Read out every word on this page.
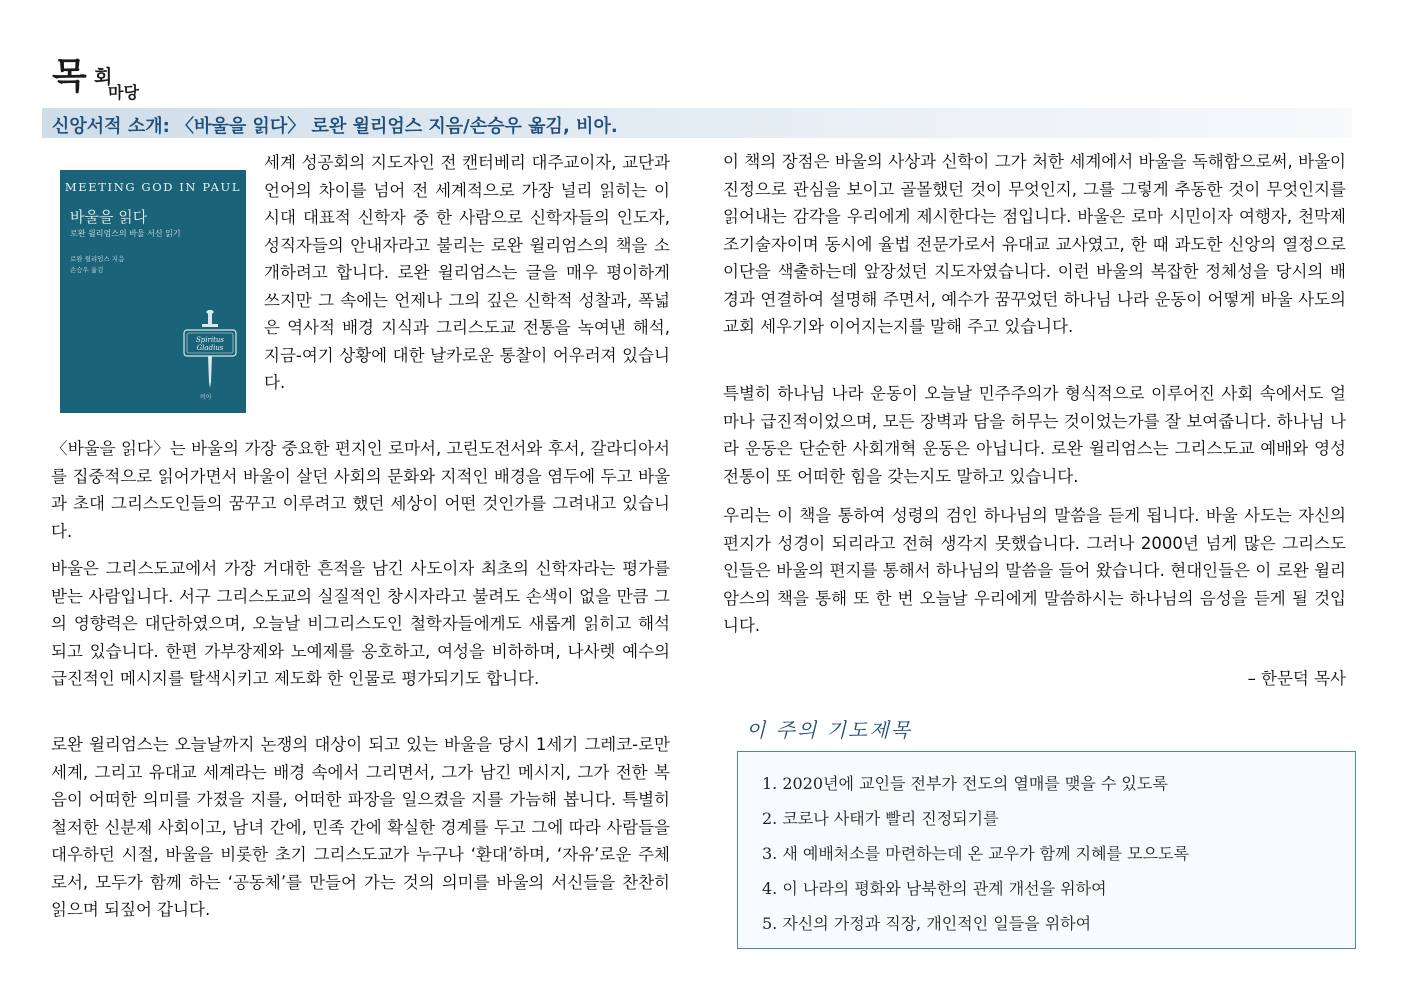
목 회
마당
신앙서적 소개: 〈바울을 읽다〉 로완 윌리엄스 지음/손승우 옮김, 비아.
MEETING GOD IN PAUL
바울을 읽다
로완 윌리엄스의 바울 서신 읽기
로완 윌리엄스 지음
손승우 옮김
Spiritus
Gladius
비아

세계 성공회의 지도자인 전 캔터베리 대주교이자, 교단과 언어의 차이를 넘어 전 세계적으로 가장 널리 읽히는 이 시대 대표적 신학자 중 한 사람으로 신학자들의 인도자, 성직자들의 안내자라고 불리는 로완 윌리엄스의 책을 소개하려고 합니다. 로완 윌리엄스는 글을 매우 평이하게 쓰지만 그 속에는 언제나 그의 깊은 신학적 성찰과, 폭넓은 역사적 배경 지식과 그리스도교 전통을 녹여낸 해석, 지금-여기 상황에 대한 날카로운 통찰이 어우러져 있습니다.

〈바울을 읽다〉는 바울의 가장 중요한 편지인 로마서, 고린도전서와 후서, 갈라디아서를 집중적으로 읽어가면서 바울이 살던 사회의 문화와 지적인 배경을 염두에 두고 바울과 초대 그리스도인들의 꿈꾸고 이루려고 했던 세상이 어떤 것인가를 그려내고 있습니다.

바울은 그리스도교에서 가장 거대한 흔적을 남긴 사도이자 최초의 신학자라는 평가를 받는 사람입니다. 서구 그리스도교의 실질적인 창시자라고 불려도 손색이 없을 만큼 그의 영향력은 대단하였으며, 오늘날 비그리스도인 철학자들에게도 새롭게 읽히고 해석되고 있습니다. 한편 가부장제와 노예제를 옹호하고, 여성을 비하하며, 나사렛 예수의 급진적인 메시지를 탈색시키고 제도화 한 인물로 평가되기도 합니다.

로완 윌리엄스는 오늘날까지 논쟁의 대상이 되고 있는 바울을 당시 1세기 그레코-로만 세계, 그리고 유대교 세계라는 배경 속에서 그리면서, 그가 남긴 메시지, 그가 전한 복음이 어떠한 의미를 가졌을 지를, 어떠한 파장을 일으켰을 지를 가늠해 봅니다. 특별히 철저한 신분제 사회이고, 남녀 간에, 민족 간에 확실한 경계를 두고 그에 따라 사람들을 대우하던 시절, 바울을 비롯한 초기 그리스도교가 누구나 ‘환대’하며, ‘자유’로운 주체로서, 모두가 함께 하는 ‘공동체’를 만들어 가는 것의 의미를 바울의 서신들을 찬찬히 읽으며 되짚어 갑니다.

이 책의 장점은 바울의 사상과 신학이 그가 처한 세계에서 바울을 독해함으로써, 바울이 진정으로 관심을 보이고 골몰했던 것이 무엇인지, 그를 그렇게 추동한 것이 무엇인지를 읽어내는 감각을 우리에게 제시한다는 점입니다. 바울은 로마 시민이자 여행자, 천막제조기술자이며 동시에 율법 전문가로서 유대교 교사였고, 한 때 과도한 신앙의 열정으로 이단을 색출하는데 앞장섰던 지도자였습니다. 이런 바울의 복잡한 정체성을 당시의 배경과 연결하여 설명해 주면서, 예수가 꿈꾸었던 하나님 나라 운동이 어떻게 바울 사도의 교회 세우기와 이어지는지를 말해 주고 있습니다.

특별히 하나님 나라 운동이 오늘날 민주주의가 형식적으로 이루어진 사회 속에서도 얼마나 급진적이었으며, 모든 장벽과 담을 허무는 것이었는가를 잘 보여줍니다. 하나님 나라 운동은 단순한 사회개혁 운동은 아닙니다. 로완 윌리엄스는 그리스도교 예배와 영성 전통이 또 어떠한 힘을 갖는지도 말하고 있습니다.

우리는 이 책을 통하여 성령의 검인 하나님의 말씀을 듣게 됩니다. 바울 사도는 자신의 편지가 성경이 되리라고 전혀 생각지 못했습니다. 그러나 2000년 넘게 많은 그리스도인들은 바울의 편지를 통해서 하나님의 말씀을 들어 왔습니다. 현대인들은 이 로완 윌리암스의 책을 통해 또 한 번 오늘날 우리에게 말씀하시는 하나님의 음성을 듣게 될 것입니다.

– 한문덕 목사
이 주의 기도제목
1. 2020년에 교인들 전부가 전도의 열매를 맺을 수 있도록
2. 코로나 사태가 빨리 진정되기를
3. 새 예배처소를 마련하는데 온 교우가 함께 지혜를 모으도록
4. 이 나라의 평화와 남북한의 관계 개선을 위하여
5. 자신의 가정과 직장, 개인적인 일들을 위하여
